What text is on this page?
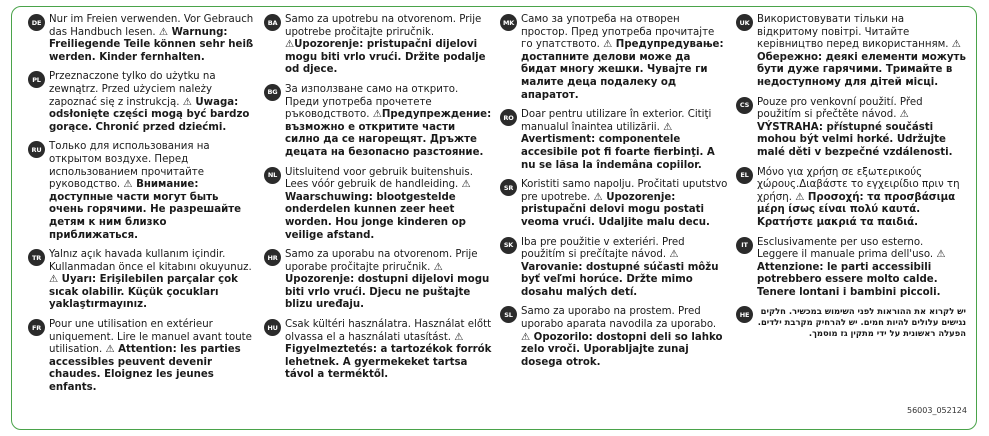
DE Nur im Freien verwenden. Vor Gebrauch das Handbuch lesen. ⚠ Warnung: Freiliegende Teile können sehr heiß werden. Kinder fernhalten.
PL Przeznaczone tylko do użytku na zewnątrz. Przed użyciem należy zapoznać się z instrukcją. ⚠ Uwaga: odsłonięte części mogą być bardzo gorące. Chronić przed dziećmi.
RU Только для использования на открытом воздухе. Перед использованием прочитайте руководство. ⚠ Внимание: доступные части могут быть очень горячими. Не разрешайте детям к ним близко приближаться.
TR Yalnız açık havada kullanım içindir. Kullanmadan önce el kitabını okuyunuz. ⚠ Uyarı: Erişilebilen parçalar çok sıcak olabilir. Küçük çocukları yaklaştırmayınız.
FR Pour une utilisation en extérieur uniquement. Lire le manuel avant toute utilisation. ⚠ Attention: les parties accessibles peuvent devenir chaudes. Eloignez les jeunes enfants.
BA Samo za upotrebu na otvorenom. Prije upotrebe pročitajte priručnik. ⚠Upozorenje: pristupačni dijelovi mogu biti vrlo vrući. Držite podalje od djece.
BG За използване само на открито. Преди употреба прочетете ръководството. ⚠Предупреждение: възможно е откритите части силно да се нагорещят. Дръжте децата на безопасно разстояние.
NL Uitsluitend voor gebruik buitenshuis. Lees vóór gebruik de handleiding. ⚠ Waarschuwing: blootgestelde onderdelen kunnen zeer heet worden. Hou jonge kinderen op veilige afstand.
HR Samo za uporabu na otvorenom. Prije uporabe pročitajte priručnik. ⚠ Upozorenje: dostupni dijelovi mogu biti vrlo vrući. Djecu ne puštajte blizu uređaju.
HU Csak kültéri használatra. Használat előtt olvassa el a használati utasítást. ⚠ Figyelmeztetés: a tartozékok forrók lehetnek. A gyermekeket tartsa távol a terméktől.
MK Само за употреба на отворен простор. Пред употреба прочитајте го упатството. ⚠ Предупредување: достапните делови може да бидат многу жешки. Чувајте ги малите деца подалеку од апаратот.
RO Doar pentru utilizare în exterior. Citiţi manualul înaintea utilizării. ⚠ Avertisment: componentele accesibile pot fi foarte fierbinţi. A nu se lăsa la îndemâna copiilor.
SR Koristiti samo napolju. Pročitati uputstvo pre upotrebe. ⚠ Upozorenje: pristupačni delovi mogu postati veoma vrući. Udaljite malu decu.
SK Iba pre použitie v exteriéri. Pred použitím si prečítajte návod. ⚠ Varovanie: dostupné súčasti môžu byť veľmi horúce. Držte mimo dosahu malých detí.
SL Samo za uporabo na prostem. Pred uporabo aparata navodila za uporabo. ⚠ Opozorilo: dostopni deli so lahko zelo vroči. Uporabljajte zunaj dosega otrok.
UK Використовувати тільки на відкритому повітрі. Читайте керівництво перед використанням. ⚠ Обережно: деякі елементи можуть бути дуже гарячими. Тримайте в недоступному для дітей місці.
CS Pouze pro venkovní použití. Před použitím si přečtěte návod. ⚠ VÝSTRAHA: přístupné součásti mohou být velmi horké. Udržujte malé děti v bezpečné vzdálenosti.
EL Μόνο για χρήση σε εξωτερικούς χώρους.Διαβάστε το εγχειρίδιο πριν τη χρήση. ⚠ Προσοχή: τα προσβάσιμα μέρη ίσως είναι πολύ καυτά. Κρατήστε μακριά τα παιδιά.
IT Esclusivamente per uso esterno. Leggere il manuale prima dell'uso. ⚠ Attenzione: le parti accessibili potrebbero essere molto calde. Tenere lontani i bambini piccoli.
HE	יש לקרוא את ההוראות לפני השימוש במכשיר. חלקים נגישים עלולים להיות חמים. יש להרחיק מקרבת ילדים. הפעלה ראשונית על ידי מתקין גז מוסמך.
56003_052124
